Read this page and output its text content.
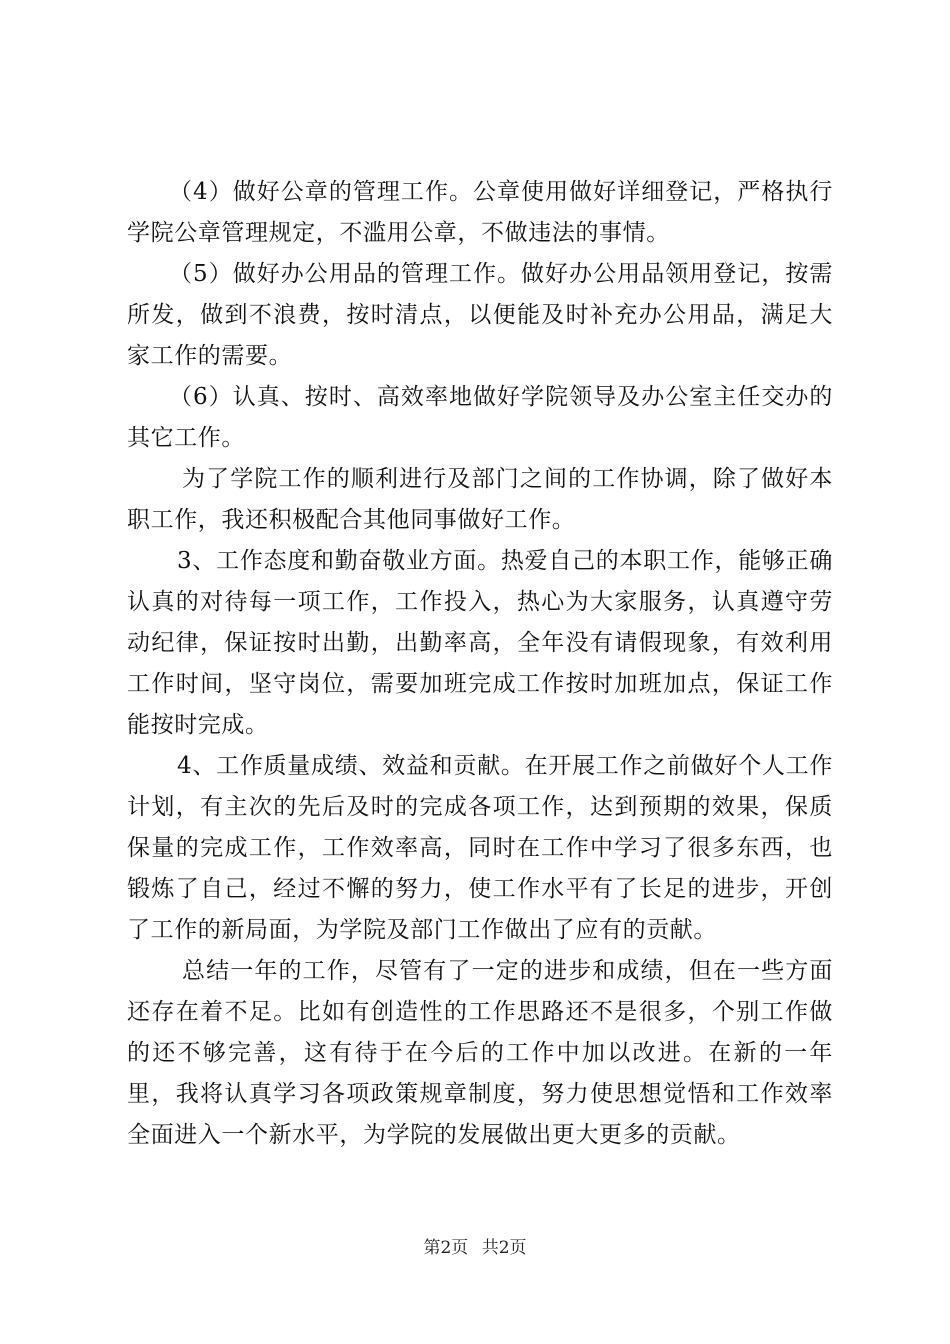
（4）做好公章的管理工作。公章使用做好详细登记，严格执行学院公章管理规定，不滥用公章，不做违法的事情。

（5）做好办公用品的管理工作。做好办公用品领用登记，按需所发，做到不浪费，按时清点，以便能及时补充办公用品，满足大家工作的需要。

（6）认真、按时、高效率地做好学院领导及办公室主任交办的其它工作。

为了学院工作的顺利进行及部门之间的工作协调，除了做好本职工作，我还积极配合其他同事做好工作。

3、工作态度和勤奋敬业方面。热爱自己的本职工作，能够正确认真的对待每一项工作，工作投入，热心为大家服务，认真遵守劳动纪律，保证按时出勤，出勤率高，全年没有请假现象，有效利用工作时间，坚守岗位，需要加班完成工作按时加班加点，保证工作能按时完成。

4、工作质量成绩、效益和贡献。在开展工作之前做好个人工作计划，有主次的先后及时的完成各项工作，达到预期的效果，保质保量的完成工作，工作效率高，同时在工作中学习了很多东西，也锻炼了自己，经过不懈的努力，使工作水平有了长足的进步，开创了工作的新局面，为学院及部门工作做出了应有的贡献。

总结一年的工作，尽管有了一定的进步和成绩，但在一些方面还存在着不足。比如有创造性的工作思路还不是很多，个别工作做的还不够完善，这有待于在今后的工作中加以改进。在新的一年里，我将认真学习各项政策规章制度，努力使思想觉悟和工作效率全面进入一个新水平，为学院的发展做出更大更多的贡献。

第2页 共2页
